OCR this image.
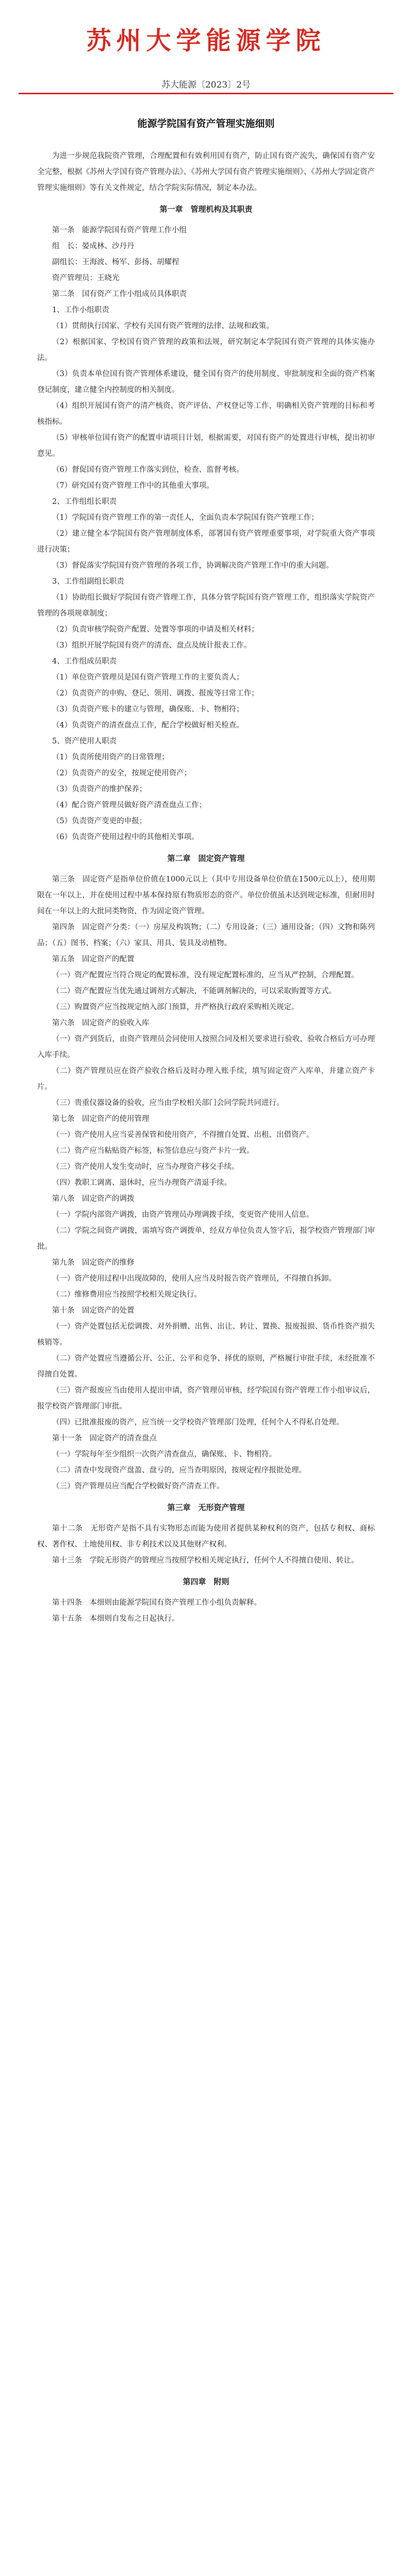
苏州大学能源学院
苏大能源〔2023〕2号
能源学院国有资产管理实施细则

为进一步规范我院资产管理，合理配置和有效利用国有资产，防止国有资产流失，确保国有资产安全完整，根据《苏州大学国有资产管理办法》、《苏州大学国有资产管理实施细则》、《苏州大学固定资产管理实施细则》等有关文件规定，结合学院实际情况，制定本办法。

第一章　管理机构及其职责

第一条　能源学院国有资产管理工作小组

组　长：晏成林、沙丹丹

副组长：王海波、杨军、彭扬、胡耀程

资产管理员：王晓光

第二条　国有资产工作小组成员具体职责

1、工作小组职责

（1）贯彻执行国家、学校有关国有资产管理的法律、法规和政策。

（2）根据国家、学校国有资产管理的政策和法规，研究制定本学院国有资产管理的具体实施办法。

（3）负责本单位国有资产管理体系建设，健全国有资产的使用制度、审批制度和全面的资产档案登记制度，建立健全内控制度的相关制度。

（4）组织开展国有资产的清产核资、资产评估、产权登记等工作，明确相关资产管理的目标和考核指标。

（5）审核单位国有资产的配置申请项目计划，根据需要，对国有资产的处置进行审核，提出初审意见。

（6）督促国有资产管理工作落实到位，检查、监督考核。

（7）研究国有资产管理工作中的其他重大事项。

2、工作组组长职责

（1）学院国有资产管理工作的第一责任人，全面负责本学院国有资产管理工作；

（2）建立健全本学院国有资产管理制度体系，部署国有资产管理重要事项，对学院重大资产事项进行决策；

（3）督促落实学院国有资产管理的各项工作，协调解决资产管理工作中的重大问题。

3、工作组副组长职责

（1）协助组长做好学院国有资产管理工作，具体分管学院国有资产管理工作，组织落实学院资产管理的各项规章制度；

（2）负责审核学院资产配置、处置等事项的申请及相关材料；

（3）组织开展学院国有资产的清查、盘点及统计报表工作。

4、工作组成员职责

（1）单位资产管理员是国有资产管理工作的主要负责人；

（2）负责资产的申购、登记、领用、调拨、报废等日常工作；

（3）负责资产账卡的建立与管理，确保账、卡、物相符；

（4）负责资产的清查盘点工作，配合学校做好相关检查。

5、资产使用人职责

（1）负责所使用资产的日常管理；

（2）负责资产的安全，按规定使用资产；

（3）负责资产的维护保养；

（4）配合资产管理员做好资产清查盘点工作；

（5）负责资产变更的申报；

（6）负责资产使用过程中的其他相关事项。

第二章　固定资产管理

第三条　固定资产是指单位价值在1000元以上（其中专用设备单位价值在1500元以上），使用期限在一年以上，并在使用过程中基本保持原有物质形态的资产。单位价值虽未达到规定标准，但耐用时间在一年以上的大批同类物资，作为固定资产管理。

第四条　固定资产分类：（一）房屋及构筑物；（二）专用设备；（三）通用设备；（四）文物和陈列品；（五）图书、档案；（六）家具、用具、装具及动植物。

第五条　固定资产的配置

（一）资产配置应当符合规定的配置标准，没有规定配置标准的，应当从严控制，合理配置。

（二）资产配置应当优先通过调剂方式解决，不能调剂解决的，可以采取购置等方式。

（三）购置资产应当按规定纳入部门预算，并严格执行政府采购相关规定。

第六条　固定资产的验收入库

（一）资产到货后，由资产管理员会同使用人按照合同及相关要求进行验收，验收合格后方可办理入库手续。

（二）资产管理员应在资产验收合格后及时办理入账手续，填写固定资产入库单，并建立资产卡片。

（三）贵重仪器设备的验收，应当由学校相关部门会同学院共同进行。

第七条　固定资产的使用管理

（一）资产使用人应当妥善保管和使用资产，不得擅自处置、出租、出借资产。

（二）资产应当粘贴资产标签，标签信息应与资产卡片一致。

（三）资产使用人发生变动时，应当办理资产移交手续。

（四）教职工调离、退休时，应当办理资产清退手续。

第八条　固定资产的调拨

（一）学院内部资产调拨，由资产管理员办理调拨手续，变更资产使用人信息。

（二）学院之间资产调拨，需填写资产调拨单，经双方单位负责人签字后，报学校资产管理部门审批。

第九条　固定资产的维修

（一）资产使用过程中出现故障的，使用人应当及时报告资产管理员，不得擅自拆卸。

（二）维修费用应当按照学校相关规定执行。

第十条　固定资产的处置

（一）资产处置包括无偿调拨、对外捐赠、出售、出让、转让、置换、报废报损、货币性资产损失核销等。

（二）资产处置应当遵循公开、公正、公平和竞争、择优的原则，严格履行审批手续，未经批准不得擅自处置。

（三）资产报废应当由使用人提出申请，资产管理员审核，经学院国有资产管理工作小组审议后，报学校资产管理部门审批。

（四）已批准报废的资产，应当统一交学校资产管理部门处理，任何个人不得私自处理。

第十一条　固定资产的清查盘点

（一）学院每年至少组织一次资产清查盘点，确保账、卡、物相符。

（二）清查中发现资产盘盈、盘亏的，应当查明原因，按规定程序报批处理。

（三）资产管理员应当配合学校做好资产清查工作。

第三章　无形资产管理

第十二条　无形资产是指不具有实物形态而能为使用者提供某种权利的资产，包括专利权、商标权、著作权、土地使用权、非专利技术以及其他财产权利。

第十三条　学院无形资产的管理应当按照学校相关规定执行，任何个人不得擅自使用、转让。

第四章　附则

第十四条　本细则由能源学院国有资产管理工作小组负责解释。

第十五条　本细则自发布之日起执行。
